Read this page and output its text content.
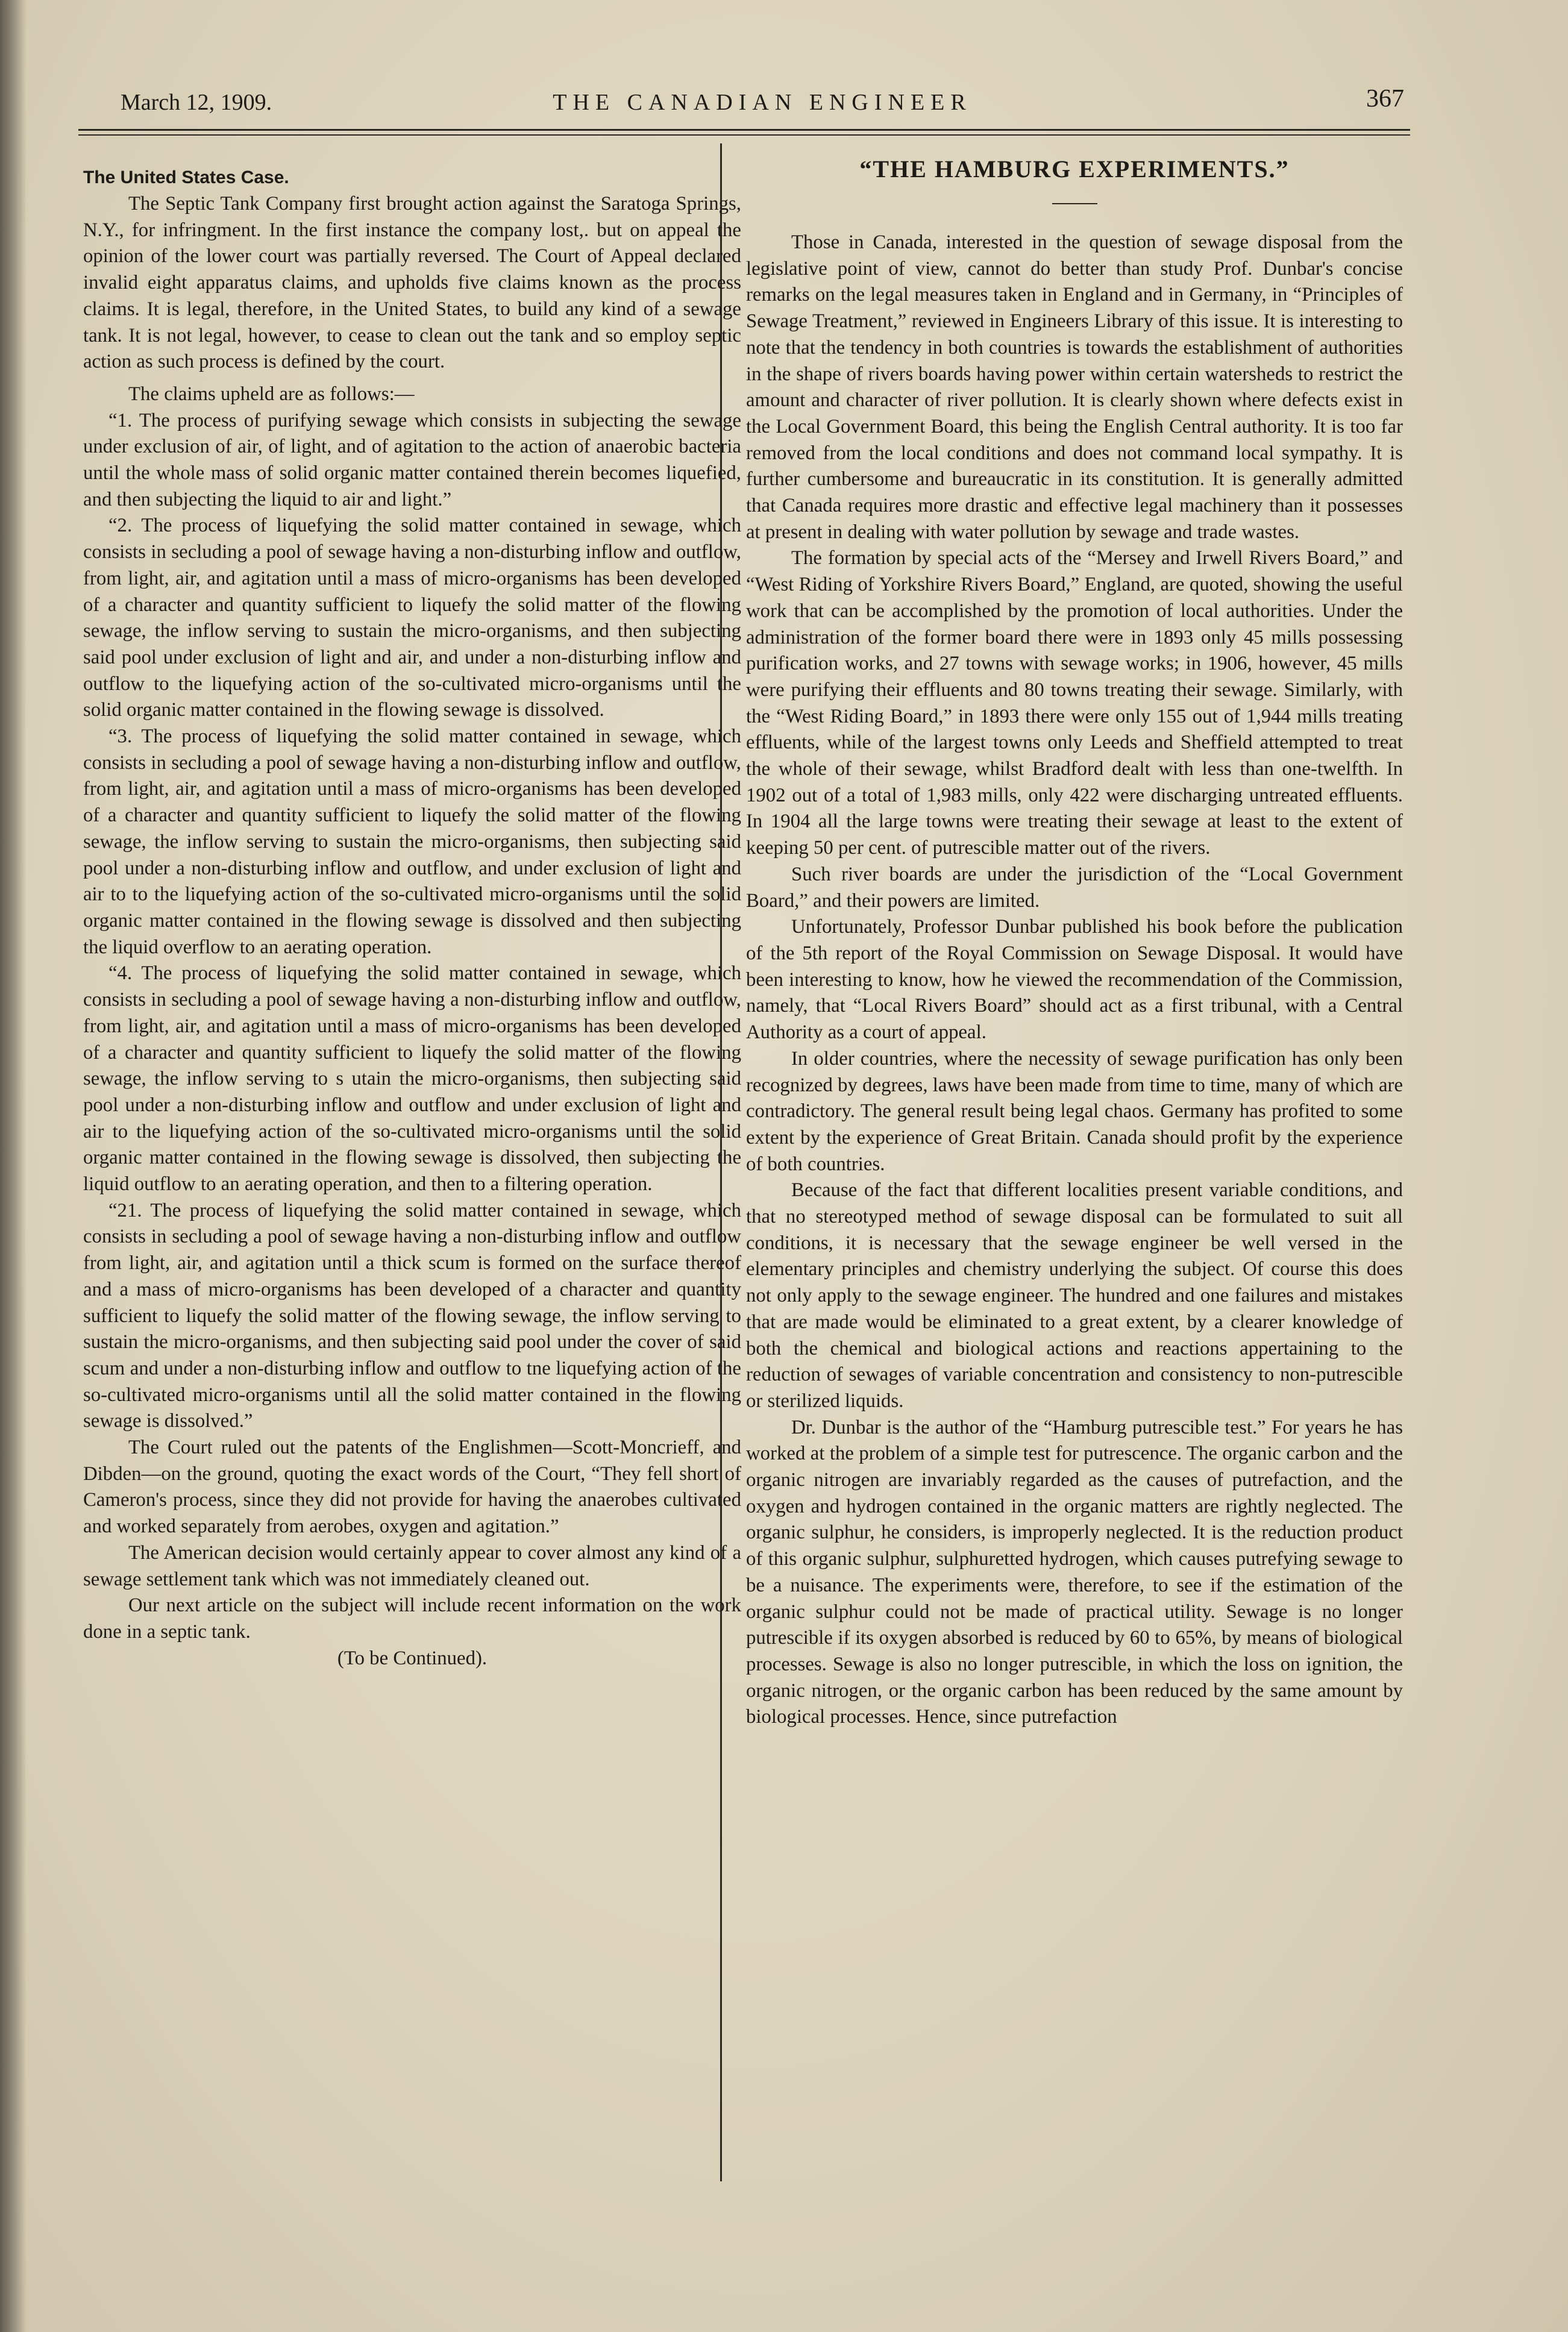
March 12, 1909.	THE CANADIAN ENGINEER	367
The United States Case.

The Septic Tank Company first brought action against the Saratoga Springs, N.Y., for infringment. In the first instance the company lost,. but on appeal the opinion of the lower court was partially reversed. The Court of Appeal declared invalid eight apparatus claims, and upholds five claims known as the process claims. It is legal, therefore, in the United States, to build any kind of a sewage tank. It is not legal, however, to cease to clean out the tank and so employ septic action as such process is defined by the court.

The claims upheld are as follows:—

“1. The process of purifying sewage which consists in subjecting the sewage under exclusion of air, of light, and of agitation to the action of anaerobic bacteria until the whole mass of solid organic matter contained therein becomes liquefied, and then subjecting the liquid to air and light.”

“2. The process of liquefying the solid matter contained in sewage, which consists in secluding a pool of sewage having a non-disturbing inflow and outflow, from light, air, and agitation until a mass of micro-organisms has been developed of a character and quantity sufficient to liquefy the solid matter of the flowing sewage, the inflow serving to sustain the micro-organisms, and then subjecting said pool under exclusion of light and air, and under a non-disturbing inflow and outflow to the liquefying action of the so-cultivated micro-organisms until the solid organic matter contained in the flowing sewage is dissolved.

“3. The process of liquefying the solid matter contained in sewage, which consists in secluding a pool of sewage having a non-disturbing inflow and outflow, from light, air, and agitation until a mass of micro-organisms has been developed of a character and quantity sufficient to liquefy the solid matter of the flowing sewage, the inflow serving to sustain the micro-organisms, then subjecting said pool under a non-disturbing inflow and outflow, and under exclusion of light and air to to the liquefying action of the so-cultivated micro-organisms until the solid organic matter contained in the flowing sewage is dissolved and then subjecting the liquid overflow to an aerating operation.

“4. The process of liquefying the solid matter contained in sewage, which consists in secluding a pool of sewage having a non-disturbing inflow and outflow, from light, air, and agitation until a mass of micro-organisms has been developed of a character and quantity sufficient to liquefy the solid matter of the flowing sewage, the inflow serving to s utain the micro-organisms, then subjecting said pool under a non-disturbing inflow and outflow and under exclusion of light and air to the liquefying action of the so-cultivated micro-organisms until the solid organic matter contained in the flowing sewage is dissolved, then subjecting the liquid outflow to an aerating operation, and then to a filtering operation.

“21. The process of liquefying the solid matter contained in sewage, which consists in secluding a pool of sewage having a non-disturbing inflow and outflow from light, air, and agitation until a thick scum is formed on the surface thereof and a mass of micro-organisms has been developed of a character and quantity sufficient to liquefy the solid matter of the flowing sewage, the inflow serving to sustain the micro-organisms, and then subjecting said pool under the cover of said scum and under a non-disturbing inflow and outflow to tne liquefying action of the so-cultivated micro-organisms until all the solid matter contained in the flowing sewage is dissolved.”

The Court ruled out the patents of the Englishmen—Scott-Moncrieff, and Dibden—on the ground, quoting the exact words of the Court, “They fell short of Cameron's process, since they did not provide for having the anaerobes cultivated and worked separately from aerobes, oxygen and agitation.”

The American decision would certainly appear to cover almost any kind of a sewage settlement tank which was not immediately cleaned out.

Our next article on the subject will include recent information on the work done in a septic tank.

(To be Continued).

“THE HAMBURG EXPERIMENTS.”

Those in Canada, interested in the question of sewage disposal from the legislative point of view, cannot do better than study Prof. Dunbar's concise remarks on the legal measures taken in England and in Germany, in “Principles of Sewage Treatment,” reviewed in Engineers Library of this issue. It is interesting to note that the tendency in both countries is towards the establishment of authorities in the shape of rivers boards having power within certain watersheds to restrict the amount and character of river pollution. It is clearly shown where defects exist in the Local Government Board, this being the English Central authority. It is too far removed from the local conditions and does not command local sympathy. It is further cumbersome and bureaucratic in its constitution. It is generally admitted that Canada requires more drastic and effective legal machinery than it possesses at present in dealing with water pollution by sewage and trade wastes.

The formation by special acts of the “Mersey and Irwell Rivers Board,” and “West Riding of Yorkshire Rivers Board,” England, are quoted, showing the useful work that can be accomplished by the promotion of local authorities. Under the administration of the former board there were in 1893 only 45 mills possessing purification works, and 27 towns with sewage works; in 1906, however, 45 mills were purifying their effluents and 80 towns treating their sewage. Similarly, with the “West Riding Board,” in 1893 there were only 155 out of 1,944 mills treating effluents, while of the largest towns only Leeds and Sheffield attempted to treat the whole of their sewage, whilst Bradford dealt with less than one-twelfth. In 1902 out of a total of 1,983 mills, only 422 were discharging untreated effluents. In 1904 all the large towns were treating their sewage at least to the extent of keeping 50 per cent. of putrescible matter out of the rivers.

Such river boards are under the jurisdiction of the “Local Government Board,” and their powers are limited.

Unfortunately, Professor Dunbar published his book before the publication of the 5th report of the Royal Commission on Sewage Disposal. It would have been interesting to know, how he viewed the recommendation of the Commission, namely, that “Local Rivers Board” should act as a first tribunal, with a Central Authority as a court of appeal.

In older countries, where the necessity of sewage purification has only been recognized by degrees, laws have been made from time to time, many of which are contradictory. The general result being legal chaos. Germany has profited to some extent by the experience of Great Britain. Canada should profit by the experience of both countries.

Because of the fact that different localities present variable conditions, and that no stereotyped method of sewage disposal can be formulated to suit all conditions, it is necessary that the sewage engineer be well versed in the elementary principles and chemistry underlying the subject. Of course this does not only apply to the sewage engineer. The hundred and one failures and mistakes that are made would be eliminated to a great extent, by a clearer knowledge of both the chemical and biological actions and reactions appertaining to the reduction of sewages of variable concentration and consistency to non-putrescible or sterilized liquids.

Dr. Dunbar is the author of the “Hamburg putrescible test.” For years he has worked at the problem of a simple test for putrescence. The organic carbon and the organic nitrogen are invariably regarded as the causes of putrefaction, and the oxygen and hydrogen contained in the organic matters are rightly neglected. The organic sulphur, he considers, is improperly neglected. It is the reduction product of this organic sulphur, sulphuretted hydrogen, which causes putrefying sewage to be a nuisance. The experiments were, therefore, to see if the estimation of the organic sulphur could not be made of practical utility. Sewage is no longer putrescible if its oxygen absorbed is reduced by 60 to 65%, by means of biological processes. Sewage is also no longer putrescible, in which the loss on ignition, the organic nitrogen, or the organic carbon has been reduced by the same amount by biological processes. Hence, since putrefaction
